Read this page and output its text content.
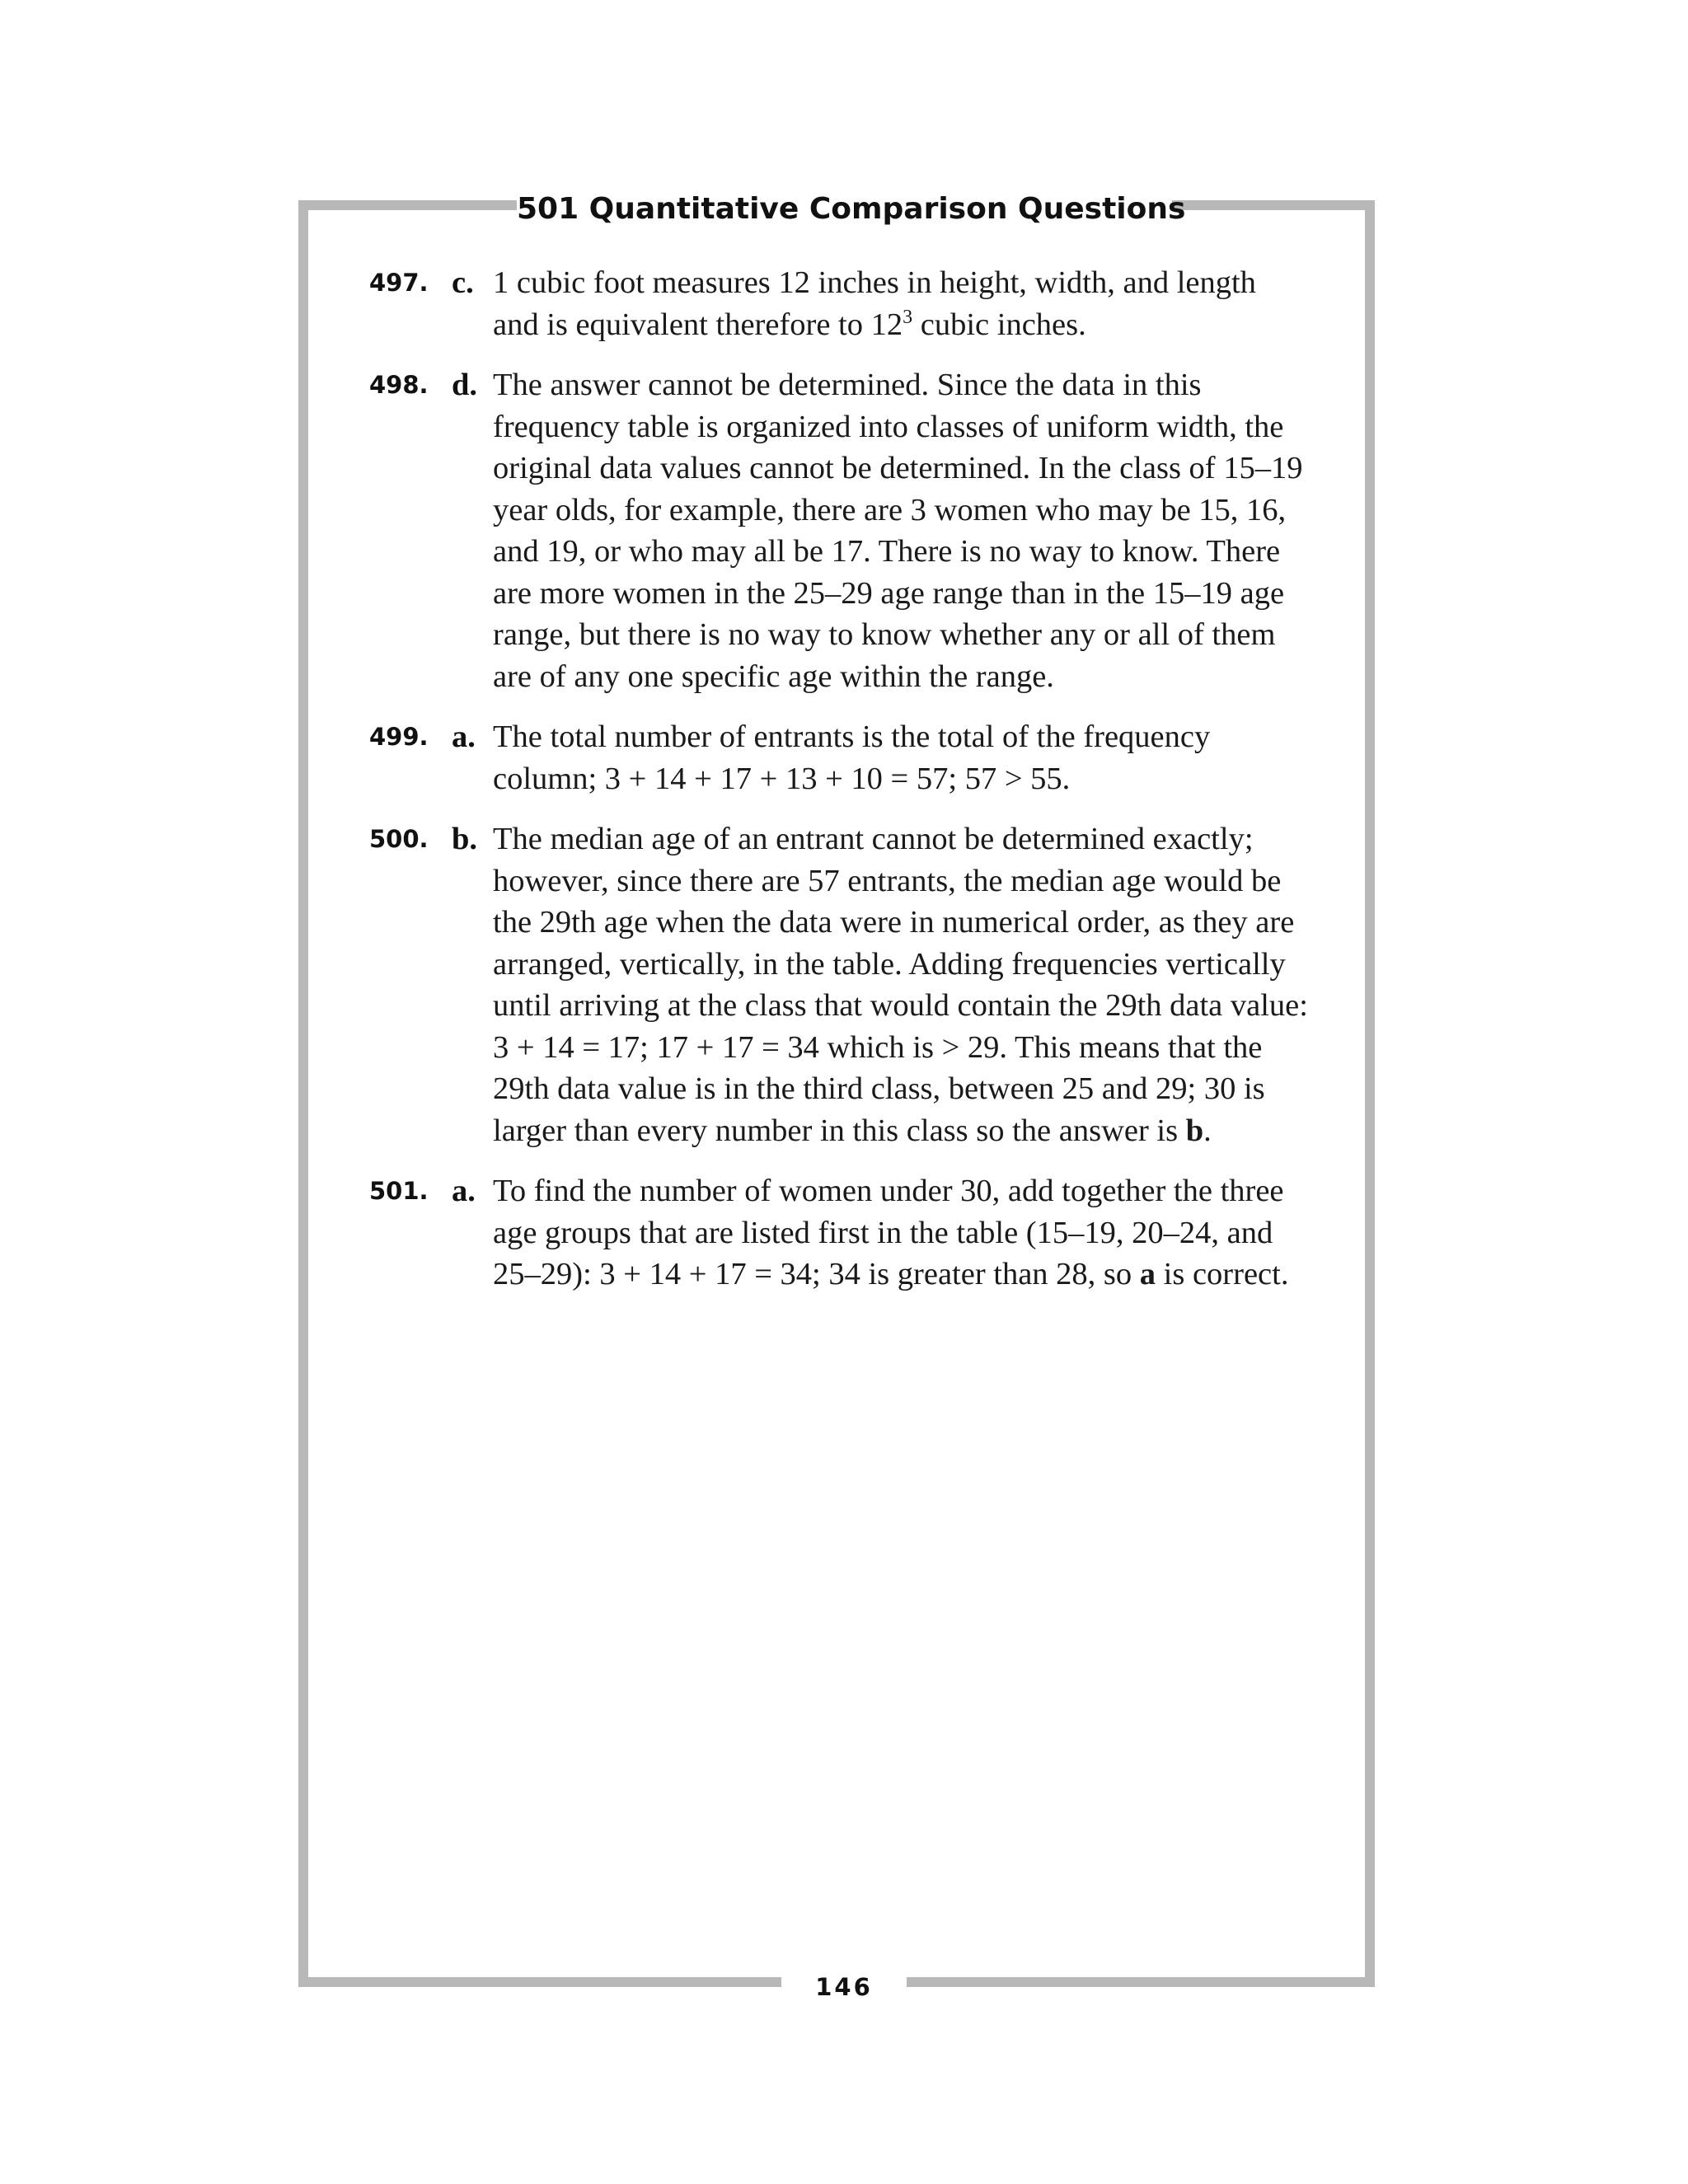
501 Quantitative Comparison Questions
497. c. 1 cubic foot measures 12 inches in height, width, and length
and is equivalent therefore to $12^3$ cubic inches.
498. d. The answer cannot be determined. Since the data in this
frequency table is organized into classes of uniform width, the
original data values cannot be determined. In the class of 15–19
year olds, for example, there are 3 women who may be 15, 16,
and 19, or who may all be 17. There is no way to know. There
are more women in the 25–29 age range than in the 15–19 age
range, but there is no way to know whether any or all of them
are of any one specific age within the range.
499. a. The total number of entrants is the total of the frequency
column; 3 + 14 + 17 + 13 + 10 = 57; 57 > 55.
500. b. The median age of an entrant cannot be determined exactly;
however, since there are 57 entrants, the median age would be
the 29th age when the data were in numerical order, as they are
arranged, vertically, in the table. Adding frequencies vertically
until arriving at the class that would contain the 29th data value:
3 + 14 = 17; 17 + 17 = 34 which is > 29. This means that the
29th data value is in the third class, between 25 and 29; 30 is
larger than every number in this class so the answer is b.
501. a. To find the number of women under 30, add together the three
age groups that are listed first in the table (15–19, 20–24, and
25–29): 3 + 14 + 17 = 34; 34 is greater than 28, so a is correct.
146
